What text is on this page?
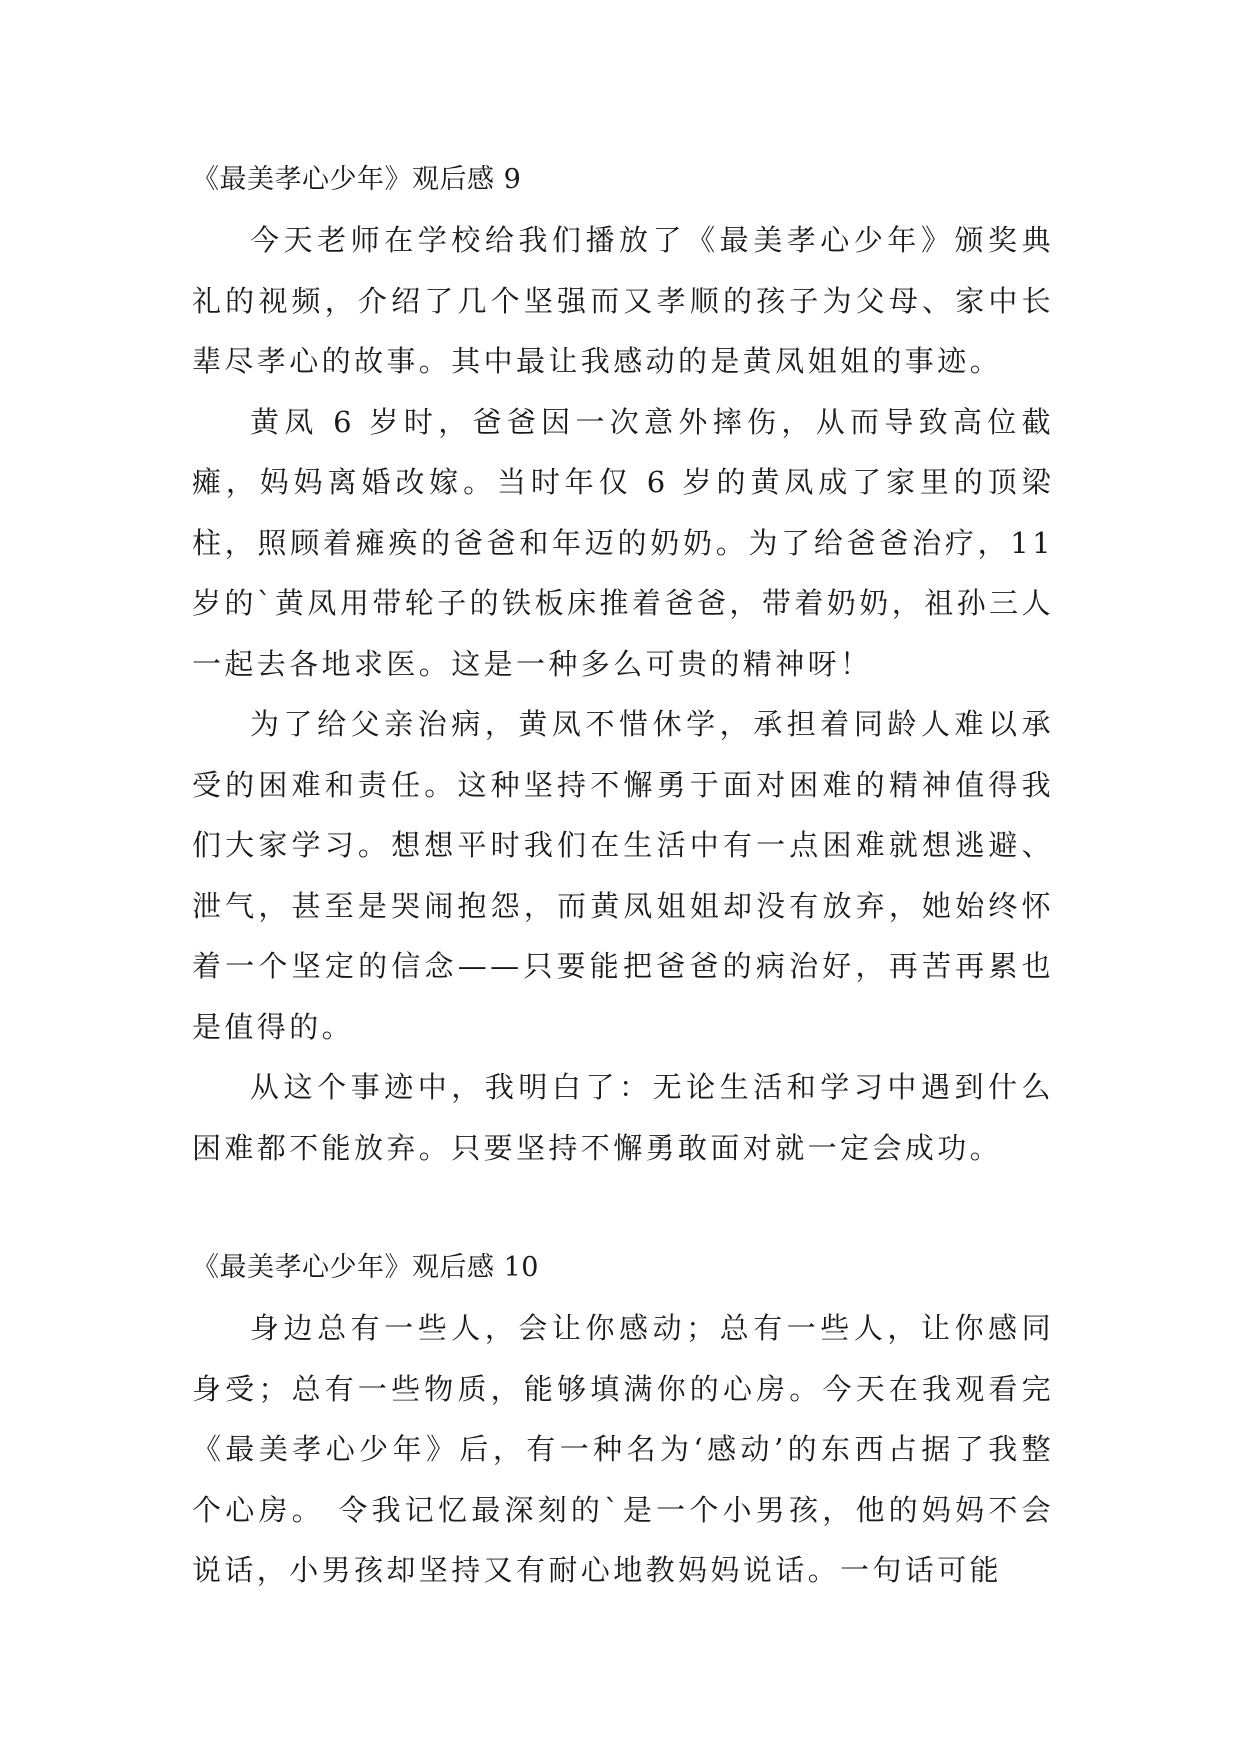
《最美孝心少年》观后感 9

今天老师在学校给我们播放了《最美孝心少年》颁奖典礼的视频，介绍了几个坚强而又孝顺的孩子为父母、家中长辈尽孝心的故事。其中最让我感动的是黄凤姐姐的事迹。

黄凤 6 岁时，爸爸因一次意外摔伤，从而导致高位截瘫，妈妈离婚改嫁。当时年仅 6 岁的黄凤成了家里的顶梁柱，照顾着瘫痪的爸爸和年迈的奶奶。为了给爸爸治疗，11 岁的`黄凤用带轮子的铁板床推着爸爸，带着奶奶，祖孙三人一起去各地求医。这是一种多么可贵的精神呀！

为了给父亲治病，黄凤不惜休学，承担着同龄人难以承受的困难和责任。这种坚持不懈勇于面对困难的精神值得我们大家学习。想想平时我们在生活中有一点困难就想逃避、泄气，甚至是哭闹抱怨，而黄凤姐姐却没有放弃，她始终怀着一个坚定的信念——只要能把爸爸的病治好，再苦再累也是值得的。

从这个事迹中，我明白了：无论生活和学习中遇到什么困难都不能放弃。只要坚持不懈勇敢面对就一定会成功。

《最美孝心少年》观后感 10

身边总有一些人，会让你感动；总有一些人，让你感同身受；总有一些物质，能够填满你的心房。今天在我观看完《最美孝心少年》后，有一种名为‘感动’的东西占据了我整个心房。 令我记忆最深刻的`是一个小男孩，他的妈妈不会说话，小男孩却坚持又有耐心地教妈妈说话。一句话可能
